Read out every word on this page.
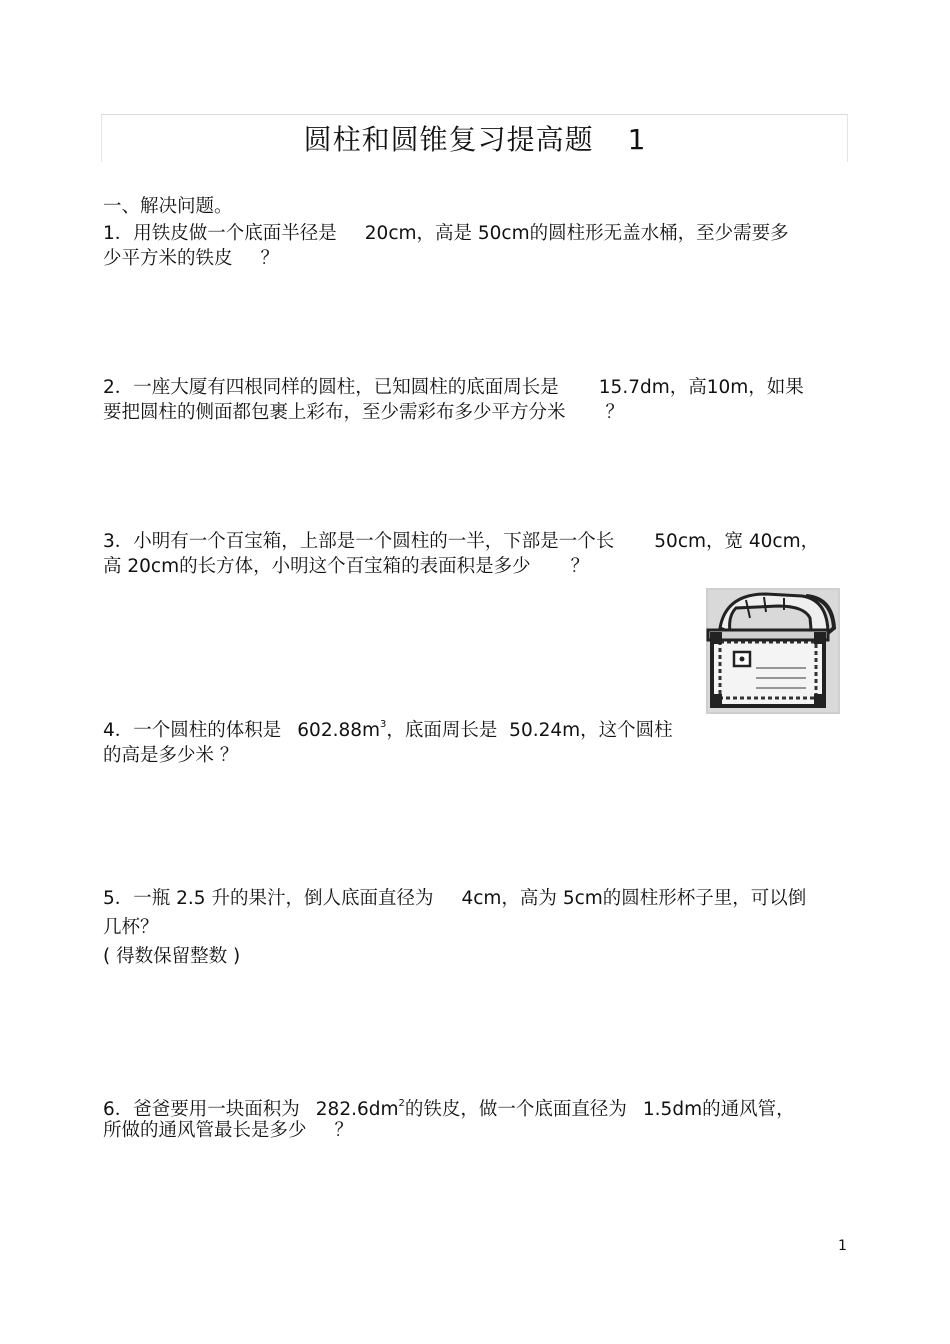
圆柱和圆锥复习提高题 1

一、解决问题。

1．用铁皮做一个底面半径是 20cm，高是 50cm的圆柱形无盖水桶，至少需要多

少平方米的铁皮 ？

2．一座大厦有四根同样的圆柱，已知圆柱的底面周长是 15.7dm，高10m，如果

要把圆柱的侧面都包裹上彩布，至少需彩布多少平方分米 ？

3．小明有一个百宝箱，上部是一个圆柱的一半，下部是一个长 50cm，宽 40cm，

高 20cm的长方体，小明这个百宝箱的表面积是多少 ？

4．一个圆柱的体积是 $602.88m^3$，底面周长是  50.24m，这个圆柱

的高是多少米 ？

5．一瓶 2.5 升的果汁，倒人底面直径为 4cm，高为 5cm的圆柱形杯子里，可以倒

几杯？

( 得数保留整数 )

6．爸爸要用一块面积为 $282.6dm^2$的铁皮，做一个底面直径为 1.5dm的通风管，

所做的通风管最长是多少 ？

1
